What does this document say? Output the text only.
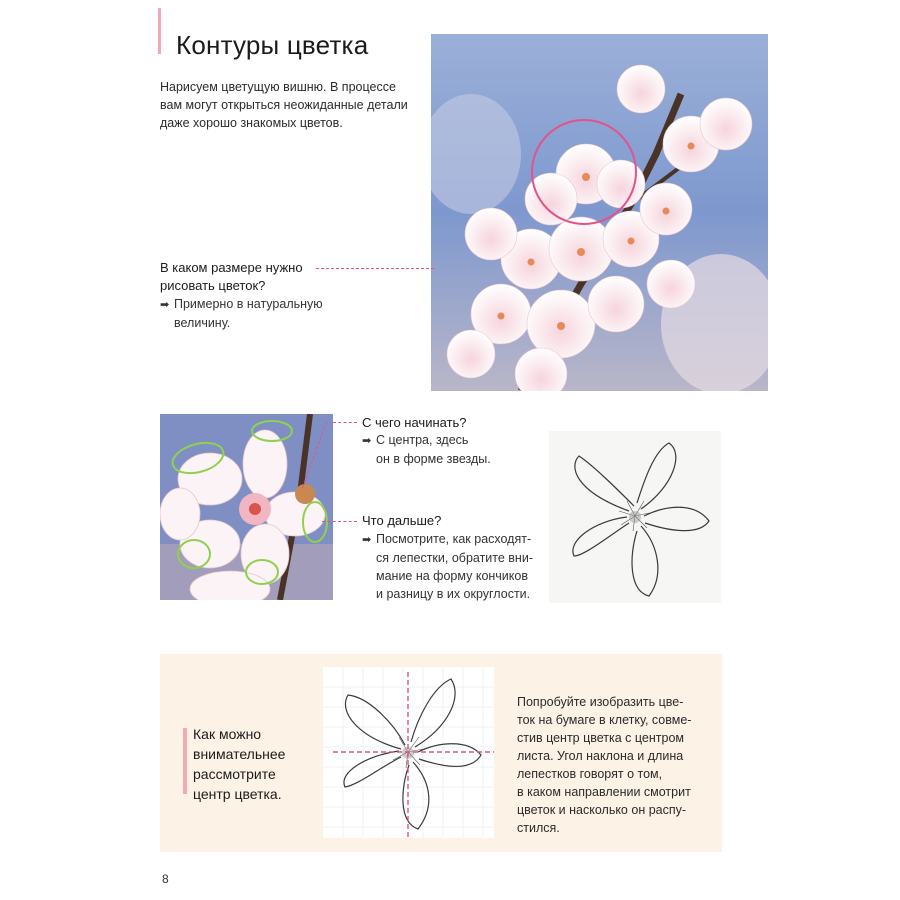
Контуры цветка
Нарисуем цветущую вишню. В процессе вам могут открыться неожиданные детали даже хорошо знакомых цветов.
В каком размере нужно
рисовать цветок?
➡ Примерно в натуральную
величину.
С чего начинать?
➡ С центра, здесь
он в форме звезды.
Что дальше?
➡ Посмотрите, как расходят-
ся лепестки, обратите вни-
мание на форму кончиков
и разницу в их округлости.
Как можно
внимательнее
рассмотрите
центр цветка.
Попробуйте изобразить цве-
ток на бумаге в клетку, совме-
стив центр цветка с центром
листа. Угол наклона и длина
лепестков говорят о том,
в каком направлении смотрит
цветок и насколько он распу-
стился.
8
